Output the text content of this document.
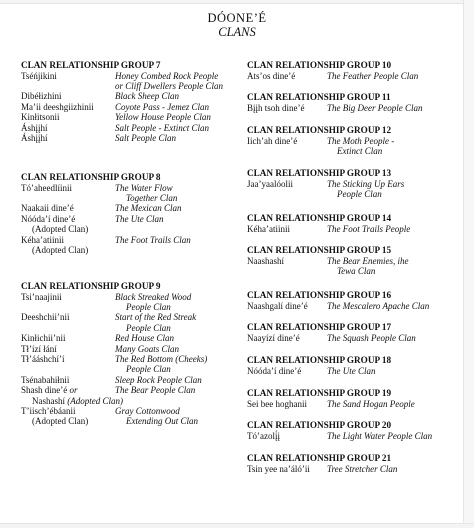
DÓONE’É
CLANS
CLAN RELATIONSHIP GROUP 7
Tséńjikini	Honey Combed Rock People
or Cliff Dwellers People Clan
Dibéłizhini	Black Sheep Clan
Ma’ii deeshgiizhinii	Coyote Pass - Jemez Clan
Kinłitsonii	Yellow House People Clan
Áshįįhí	Salt People - Extinct Clan
Áshįįhí	Salt People Clan
CLAN RELATIONSHIP GROUP 8
Tó’aheedlíinii	The Water Flow
Together Clan
Naakaii dine’é	The Mexican Clan
Nóóda’í dine’é	The Ute Clan
(Adopted Clan)
Kéha’atiinii	The Foot Trails Clan
(Adopted Clan)
CLAN RELATIONSHIP GROUP 9
Tsi’naajinii	Black Streaked Wood
People Clan
Deeshchii’nii	Start of the Red Streak
People Clan
Kinłichii’nii	Red House Clan
Tł’ízí łání	Many Goats Clan
Tł’ááshchí’í	The Red Bottom (Cheeks)
People Clan
Tsénabahiłnii	Sleep Rock People Clan
Shash dine’é or	The Bear People Clan
Nashashí (Adopted Clan)
T’iisch’ébáanii	Gray Cottonwood
(Adopted Clan)	Extending Out Clan
CLAN RELATIONSHIP GROUP 10
Ats’os dine’é	The Feather People Clan
CLAN RELATIONSHIP GROUP 11
Bįįh tsoh dine’é	The Big Deer People Clan
CLAN RELATIONSHIP GROUP 12
Iich’ah dine’é	The Moth People -
Extinct Clan
CLAN RELATIONSHIP GROUP 13
Jaa’yaalóolii	The Sticking Up Ears
People Clan
CLAN RELATIONSHIP GROUP 14
Kéha’atiinii	The Foot Trails People
CLAN RELATIONSHIP GROUP 15
Naashashí	The Bear Enemies, ihe
Tewa Clan
CLAN RELATIONSHIP GROUP 16
Naashgalí dine’é	The Mescalero Apache Clan
CLAN RELATIONSHIP GROUP 17
Naayízí dine’é	The Squash People Clan
CLAN RELATIONSHIP GROUP 18
Nóóda’í dine’é	The Ute Clan
CLAN RELATIONSHIP GROUP 19
Sei bee hoghanii	The Sand Hogan People
CLAN RELATIONSHIP GROUP 20
Tó’azolį́į	The Light Water People Clan
CLAN RELATIONSHIP GROUP 21
Tsin yee na’áló’ii	Tree Stretcher Clan
